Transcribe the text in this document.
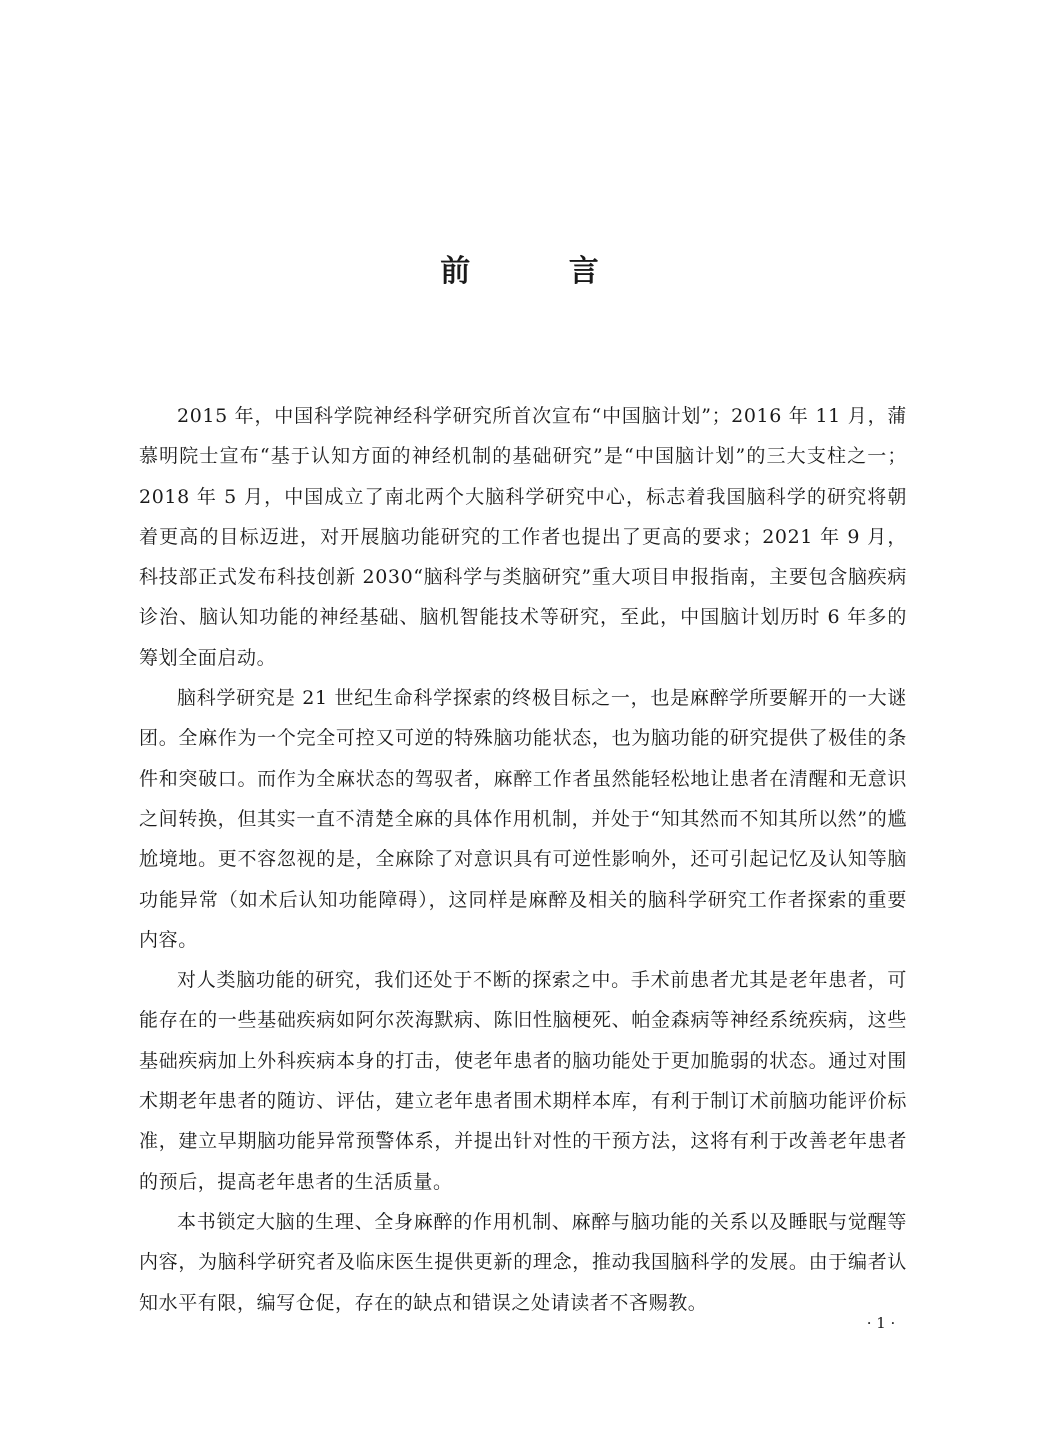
前 言

2015 年，中国科学院神经科学研究所首次宣布“中国脑计划”；2016 年 11 月，蒲慕明院士宣布“基于认知方面的神经机制的基础研究”是“中国脑计划”的三大支柱之一；2018 年 5 月，中国成立了南北两个大脑科学研究中心，标志着我国脑科学的研究将朝着更高的目标迈进，对开展脑功能研究的工作者也提出了更高的要求；2021 年 9 月，科技部正式发布科技创新 2030“脑科学与类脑研究”重大项目申报指南，主要包含脑疾病诊治、脑认知功能的神经基础、脑机智能技术等研究，至此，中国脑计划历时 6 年多的筹划全面启动。

脑科学研究是 21 世纪生命科学探索的终极目标之一，也是麻醉学所要解开的一大谜团。全麻作为一个完全可控又可逆的特殊脑功能状态，也为脑功能的研究提供了极佳的条件和突破口。而作为全麻状态的驾驭者，麻醉工作者虽然能轻松地让患者在清醒和无意识之间转换，但其实一直不清楚全麻的具体作用机制，并处于“知其然而不知其所以然”的尴尬境地。更不容忽视的是，全麻除了对意识具有可逆性影响外，还可引起记忆及认知等脑功能异常（如术后认知功能障碍），这同样是麻醉及相关的脑科学研究工作者探索的重要内容。

对人类脑功能的研究，我们还处于不断的探索之中。手术前患者尤其是老年患者，可能存在的一些基础疾病如阿尔茨海默病、陈旧性脑梗死、帕金森病等神经系统疾病，这些基础疾病加上外科疾病本身的打击，使老年患者的脑功能处于更加脆弱的状态。通过对围术期老年患者的随访、评估，建立老年患者围术期样本库，有利于制订术前脑功能评价标准，建立早期脑功能异常预警体系，并提出针对性的干预方法，这将有利于改善老年患者的预后，提高老年患者的生活质量。

本书锁定大脑的生理、全身麻醉的作用机制、麻醉与脑功能的关系以及睡眠与觉醒等内容，为脑科学研究者及临床医生提供更新的理念，推动我国脑科学的发展。由于编者认知水平有限，编写仓促，存在的缺点和错误之处请读者不吝赐教。

· 1 ·
